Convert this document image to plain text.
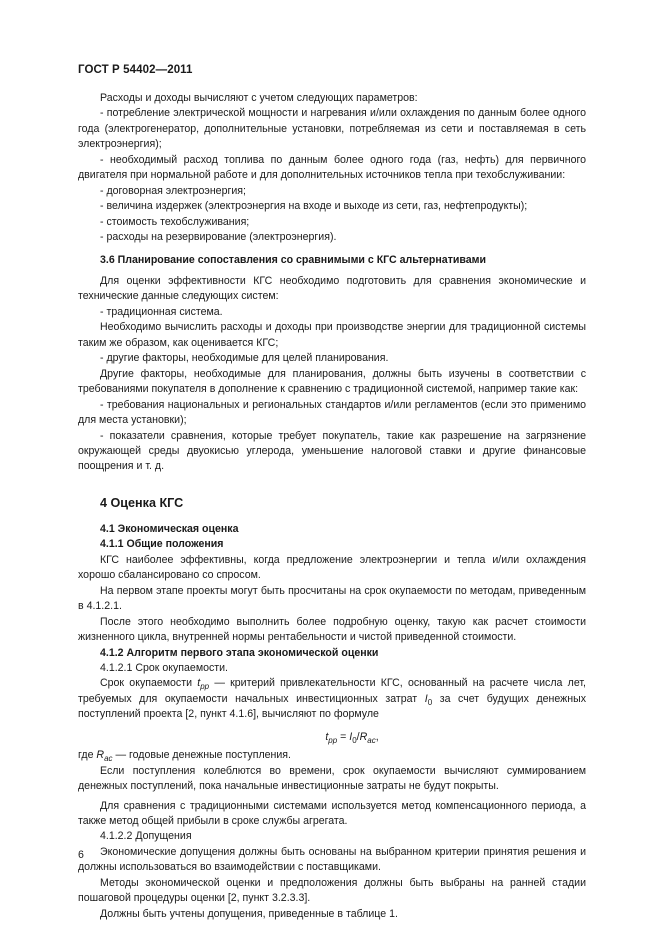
ГОСТ Р 54402—2011

Расходы и доходы вычисляют с учетом следующих параметров:

- потребление электрической мощности и нагревания и/или охлаждения по данным более одного года (электрогенератор, дополнительные установки, потребляемая из сети и поставляемая в сеть электроэнергия);

- необходимый расход топлива по данным более одного года (газ, нефть) для первичного двигателя при нормальной работе и для дополнительных источников тепла при техобслуживании:

- договорная электроэнергия;

- величина издержек (электроэнергия на входе и выходе из сети, газ, нефтепродукты);

- стоимость техобслуживания;

- расходы на резервирование (электроэнергия).

3.6 Планирование сопоставления со сравнимыми с КГС альтернативами

Для оценки эффективности КГС необходимо подготовить для сравнения экономические и технические данные следующих систем:

- традиционная система.

Необходимо вычислить расходы и доходы при производстве энергии для традиционной системы таким же образом, как оценивается КГС;

- другие факторы, необходимые для целей планирования.

Другие факторы, необходимые для планирования, должны быть изучены в соответствии с требованиями покупателя в дополнение к сравнению с традиционной системой, например такие как:

- требования национальных и региональных стандартов и/или регламентов (если это применимо для места установки);

- показатели сравнения, которые требует покупатель, такие как разрешение на загрязнение окружающей среды двуокисью углерода, уменьшение налоговой ставки и другие финансовые поощрения и т. д.

4 Оценка КГС
4.1 Экономическая оценка
4.1.1 Общие положения

КГС наиболее эффективны, когда предложение электроэнергии и тепла и/или охлаждения хорошо сбалансировано со спросом.

На первом этапе проекты могут быть просчитаны на срок окупаемости по методам, приведенным в 4.1.2.1.

После этого необходимо выполнить более подробную оценку, такую как расчет стоимости жизненного цикла, внутренней нормы рентабельности и чистой приведенной стоимости.

4.1.2 Алгоритм первого этапа экономической оценки
4.1.2.1 Срок окупаемости.

Срок окупаемости $t_{pp}$ — критерий привлекательности КГС, основанный на расчете числа лет, требуемых для окупаемости начальных инвестиционных затрат $I_0$ за счет будущих денежных поступлений проекта [2, пункт 4.1.6], вычисляют по формуле

$t_{pp} = I_0/R_{ac}$,

где $R_{ac}$ — годовые денежные поступления.

Если поступления колеблются во времени, срок окупаемости вычисляют суммированием денежных поступлений, пока начальные инвестиционные затраты не будут покрыты.

Для сравнения с традиционными системами используется метод компенсационного периода, а также метод общей прибыли в сроке службы агрегата.

4.1.2.2 Допущения

Экономические допущения должны быть основаны на выбранном критерии принятия решения и должны использоваться во взаимодействии с поставщиками.

Методы экономической оценки и предположения должны быть выбраны на ранней стадии пошаговой процедуры оценки [2, пункт 3.2.3.3].

Должны быть учтены допущения, приведенные в таблице 1.

6
